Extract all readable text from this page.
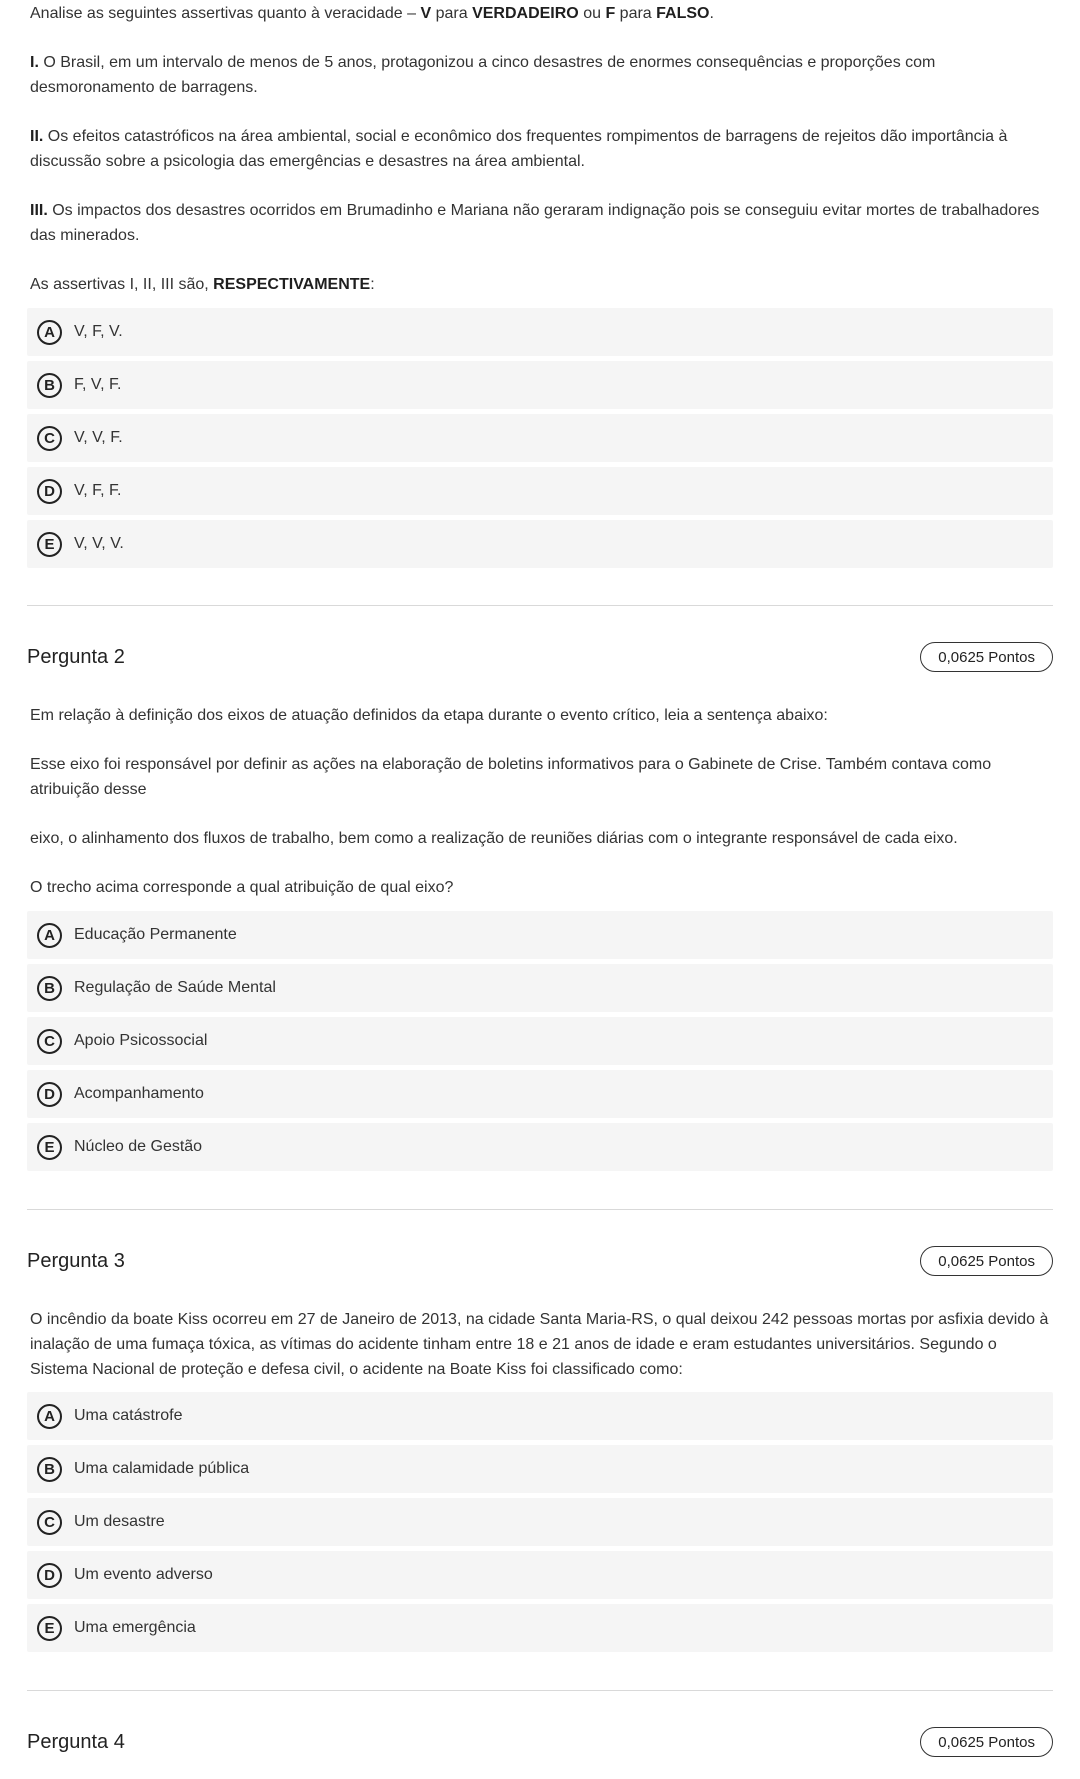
Analise as seguintes assertivas quanto à veracidade – V para VERDADEIRO ou F para FALSO.

I. O Brasil, em um intervalo de menos de 5 anos, protagonizou a cinco desastres de enormes consequências e proporções com desmoronamento de barragens.

II. Os efeitos catastróficos na área ambiental, social e econômico dos frequentes rompimentos de barragens de rejeitos dão importância à discussão sobre a psicologia das emergências e desastres na área ambiental.

III. Os impactos dos desastres ocorridos em Brumadinho e Mariana não geraram indignação pois se conseguiu evitar mortes de trabalhadores das minerados.

As assertivas I, II, III são, RESPECTIVAMENTE:

A	V, F, V.
B	F, V, F.
C	V, V, F.
D	V, F, F.
E	V, V, V.
Pergunta 2	0,0625 Pontos

Em relação à definição dos eixos de atuação definidos da etapa durante o evento crítico, leia a sentença abaixo:

Esse eixo foi responsável por definir as ações na elaboração de boletins informativos para o Gabinete de Crise. Também contava como atribuição desse

eixo, o alinhamento dos fluxos de trabalho, bem como a realização de reuniões diárias com o integrante responsável de cada eixo.

O trecho acima corresponde a qual atribuição de qual eixo?

A	Educação Permanente
B	Regulação de Saúde Mental
C	Apoio Psicossocial
D	Acompanhamento
E	Núcleo de Gestão
Pergunta 3	0,0625 Pontos

O incêndio da boate Kiss ocorreu em 27 de Janeiro de 2013, na cidade Santa Maria-RS, o qual deixou 242 pessoas mortas por asfixia devido à inalação de uma fumaça tóxica, as vítimas do acidente tinham entre 18 e 21 anos de idade e eram estudantes universitários. Segundo o Sistema Nacional de proteção e defesa civil, o acidente na Boate Kiss foi classificado como:

A	Uma catástrofe
B	Uma calamidade pública
C	Um desastre
D	Um evento adverso
E	Uma emergência
Pergunta 4	0,0625 Pontos
